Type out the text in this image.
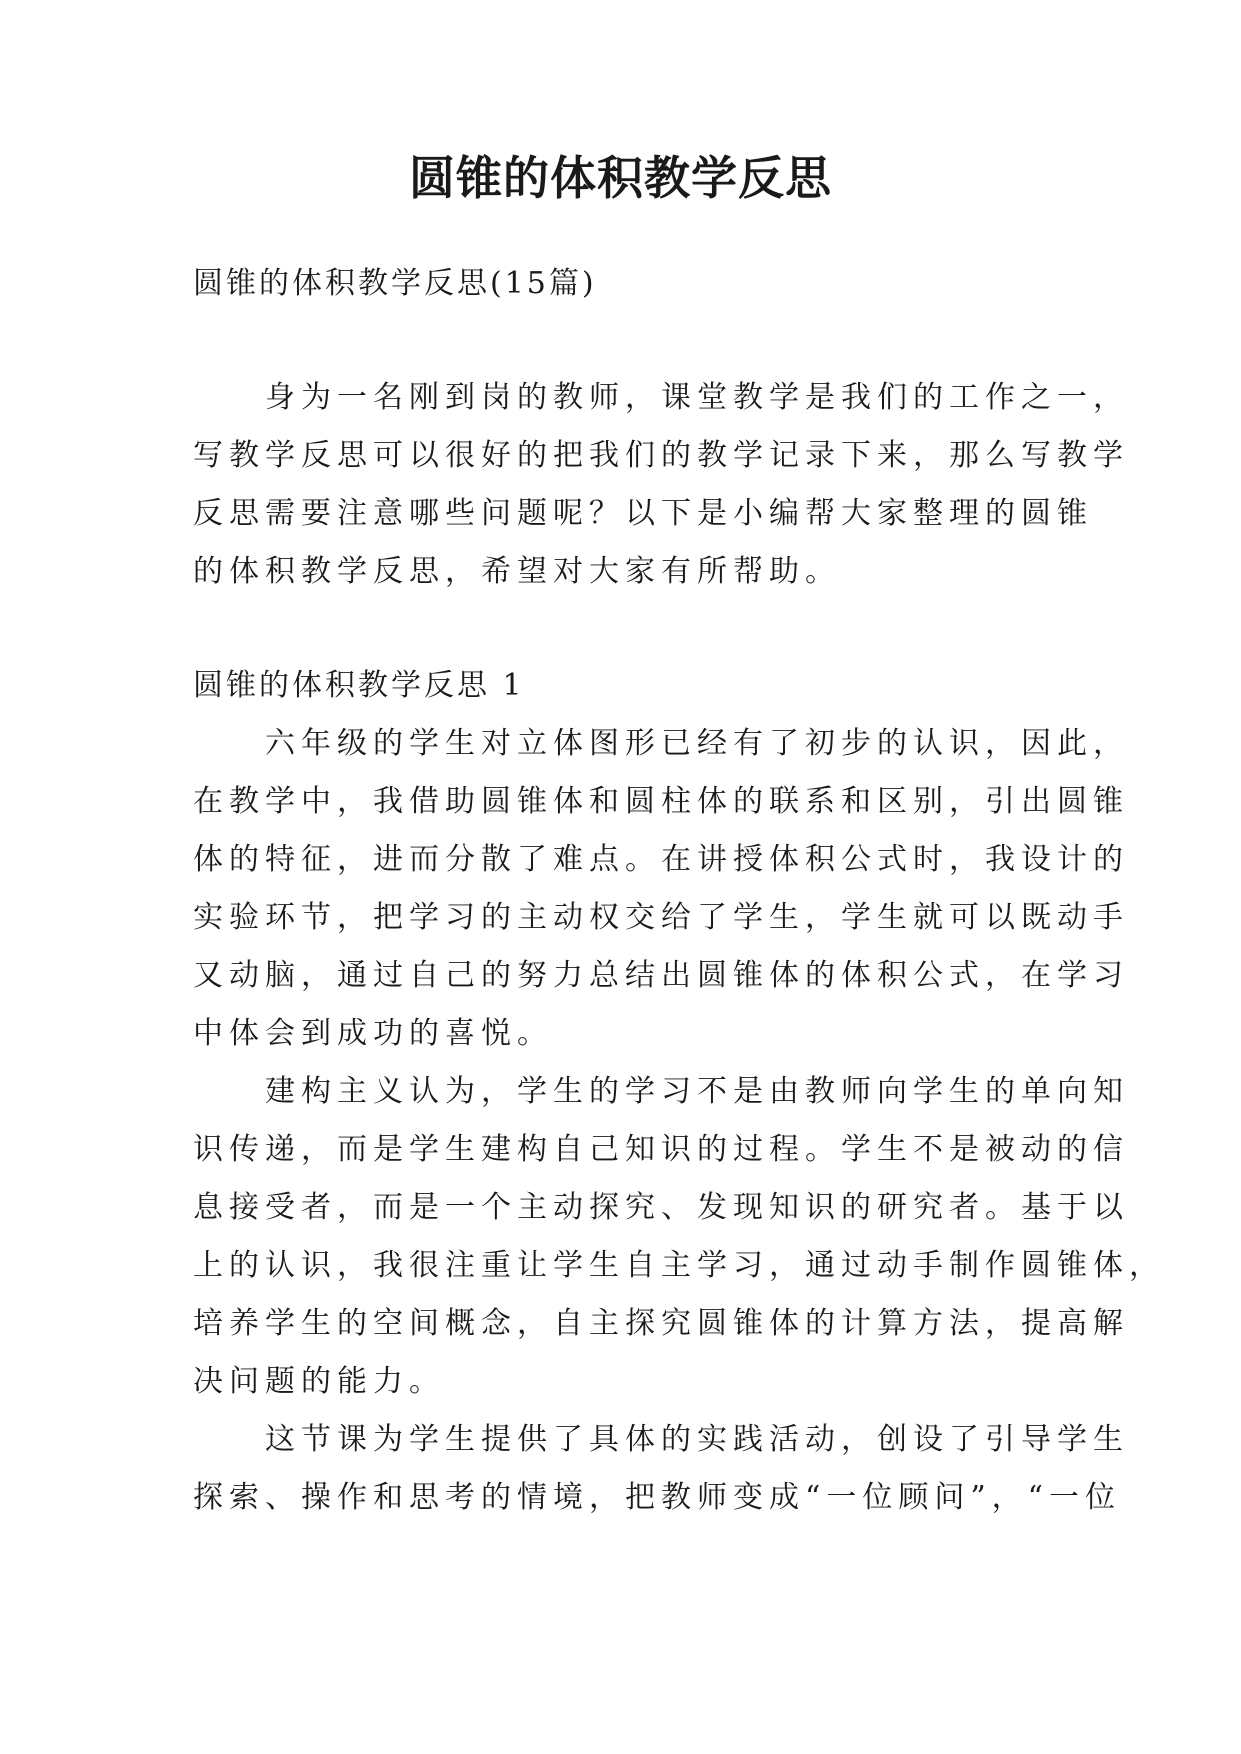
圆锥的体积教学反思

圆锥的体积教学反思(15篇)

　　身为一名刚到岗的教师，课堂教学是我们的工作之一，

写教学反思可以很好的把我们的教学记录下来，那么写教学

反思需要注意哪些问题呢？以下是小编帮大家整理的圆锥

的体积教学反思，希望对大家有所帮助。

圆锥的体积教学反思 1

　　六年级的学生对立体图形已经有了初步的认识，因此，

在教学中，我借助圆锥体和圆柱体的联系和区别，引出圆锥

体的特征，进而分散了难点。在讲授体积公式时，我设计的

实验环节，把学习的主动权交给了学生，学生就可以既动手

又动脑，通过自己的努力总结出圆锥体的体积公式，在学习

中体会到成功的喜悦。

　　建构主义认为，学生的学习不是由教师向学生的单向知

识传递，而是学生建构自己知识的过程。学生不是被动的信

息接受者，而是一个主动探究、发现知识的研究者。基于以

上的认识，我很注重让学生自主学习，通过动手制作圆锥体，

培养学生的空间概念，自主探究圆锥体的计算方法，提高解

决问题的能力。

　　这节课为学生提供了具体的实践活动，创设了引导学生

探索、操作和思考的情境，把教师变成“一位顾问”，“一位
